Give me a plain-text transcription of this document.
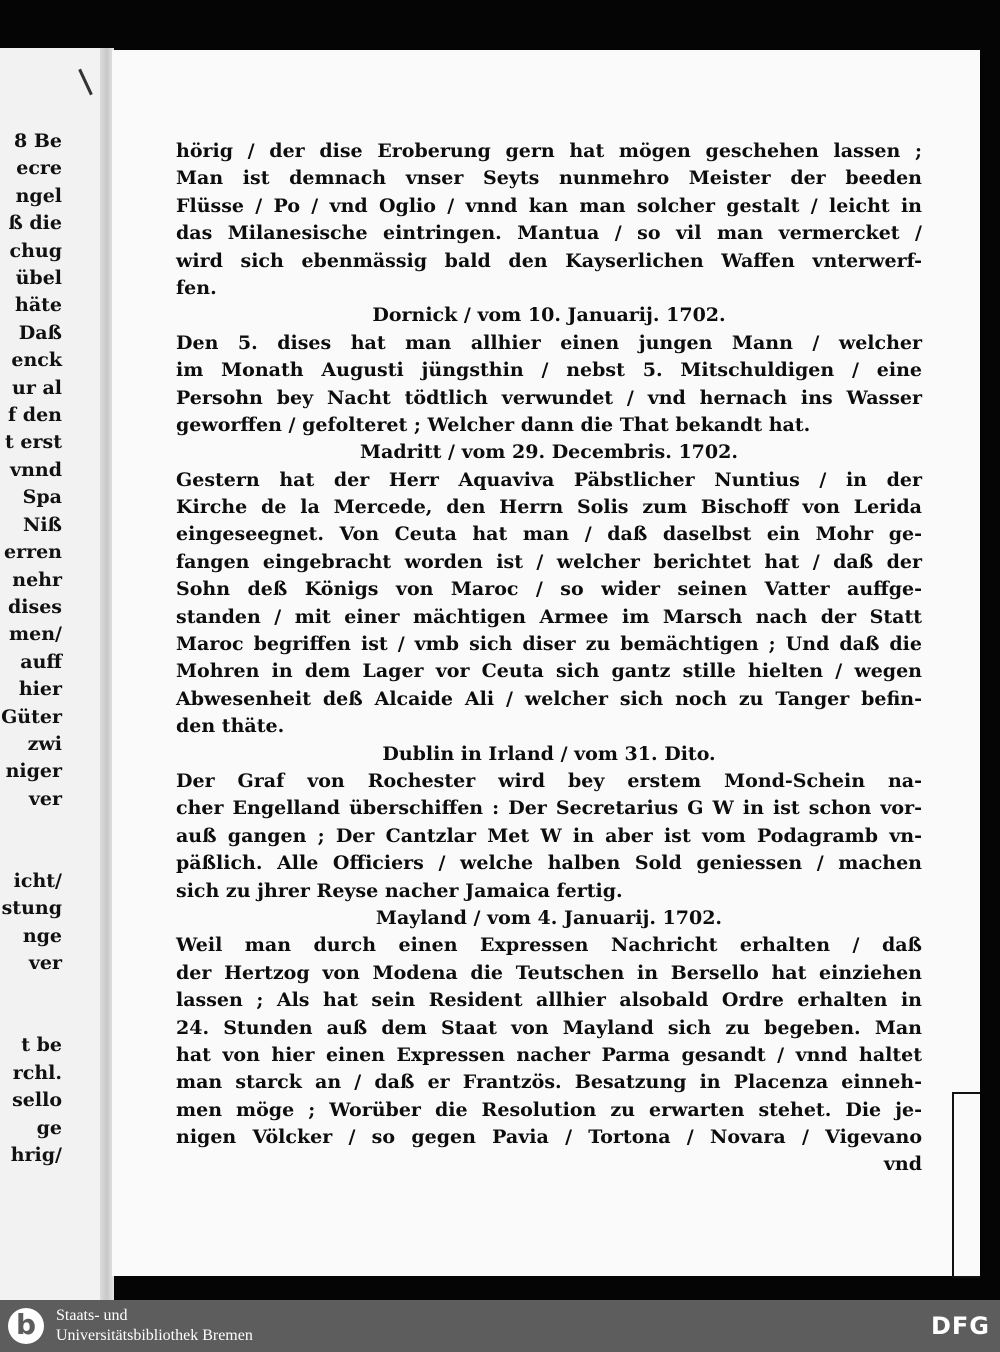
8 Be
ecre
ngel
ß die
chug
übel
häte
Daß
enck
ur al
f den
t erst
vnnd
Spa
Niß
erren
nehr
dises
men/
auff
hier
Güter
zwi
niger
ver

icht/
stung
nge
ver

t be
rchl.
sello
ge
hrig/
hörig / der dise Eroberung gern hat mögen geschehen lassen ;
Man ist demnach vnser Seyts nunmehro Meister der beeden
Flüsse / Po / vnd Oglio / vnnd kan man solcher gestalt / leicht in
das Milanesische eintringen. Mantua / so vil man vermercket /
wird sich ebenmässig bald den Kayserlichen Waffen vnterwerf-
fen.
Dornick / vom 10. Januarij. 1702.
Den 5. dises hat man allhier einen jungen Mann / welcher
im Monath Augusti jüngsthin / nebst 5. Mitschuldigen / eine
Persohn bey Nacht tödtlich verwundet / vnd hernach ins Wasser
geworffen / gefolteret ; Welcher dann die That bekandt hat.
Madritt / vom 29. Decembris. 1702.
Gestern hat der Herr Aquaviva Päbstlicher Nuntius / in der
Kirche de la Mercede, den Herrn Solis zum Bischoff von Lerida
eingeseegnet. Von Ceuta hat man / daß daselbst ein Mohr ge-
fangen eingebracht worden ist / welcher berichtet hat / daß der
Sohn deß Königs von Maroc / so wider seinen Vatter auffge-
standen / mit einer mächtigen Armee im Marsch nach der Statt
Maroc begriffen ist / vmb sich diser zu bemächtigen ; Und daß die
Mohren in dem Lager vor Ceuta sich gantz stille hielten / wegen
Abwesenheit deß Alcaide Ali / welcher sich noch zu Tanger befin-
den thäte.
Dublin in Irland / vom 31. Dito.
Der Graf von Rochester wird bey erstem Mond-Schein na-
cher Engelland überschiffen : Der Secretarius G W in ist schon vor-
auß gangen ; Der Cantzlar Met W in aber ist vom Podagramb vn-
päßlich. Alle Officiers / welche halben Sold geniessen / machen
sich zu jhrer Reyse nacher Jamaica fertig.
Mayland / vom 4. Januarij. 1702.
Weil man durch einen Expressen Nachricht erhalten / daß
der Hertzog von Modena die Teutschen in Bersello hat einziehen
lassen ; Als hat sein Resident allhier alsobald Ordre erhalten in
24. Stunden auß dem Staat von Mayland sich zu begeben. Man
hat von hier einen Expressen nacher Parma gesandt / vnnd haltet
man starck an / daß er Frantzös. Besatzung in Placenza einneh-
men möge ; Worüber die Resolution zu erwarten stehet. Die je-
nigen Völcker / so gegen Pavia / Tortona / Novara / Vigevano
vnd
b	Staats- und
Universitätsbibliothek Bremen	DFG
